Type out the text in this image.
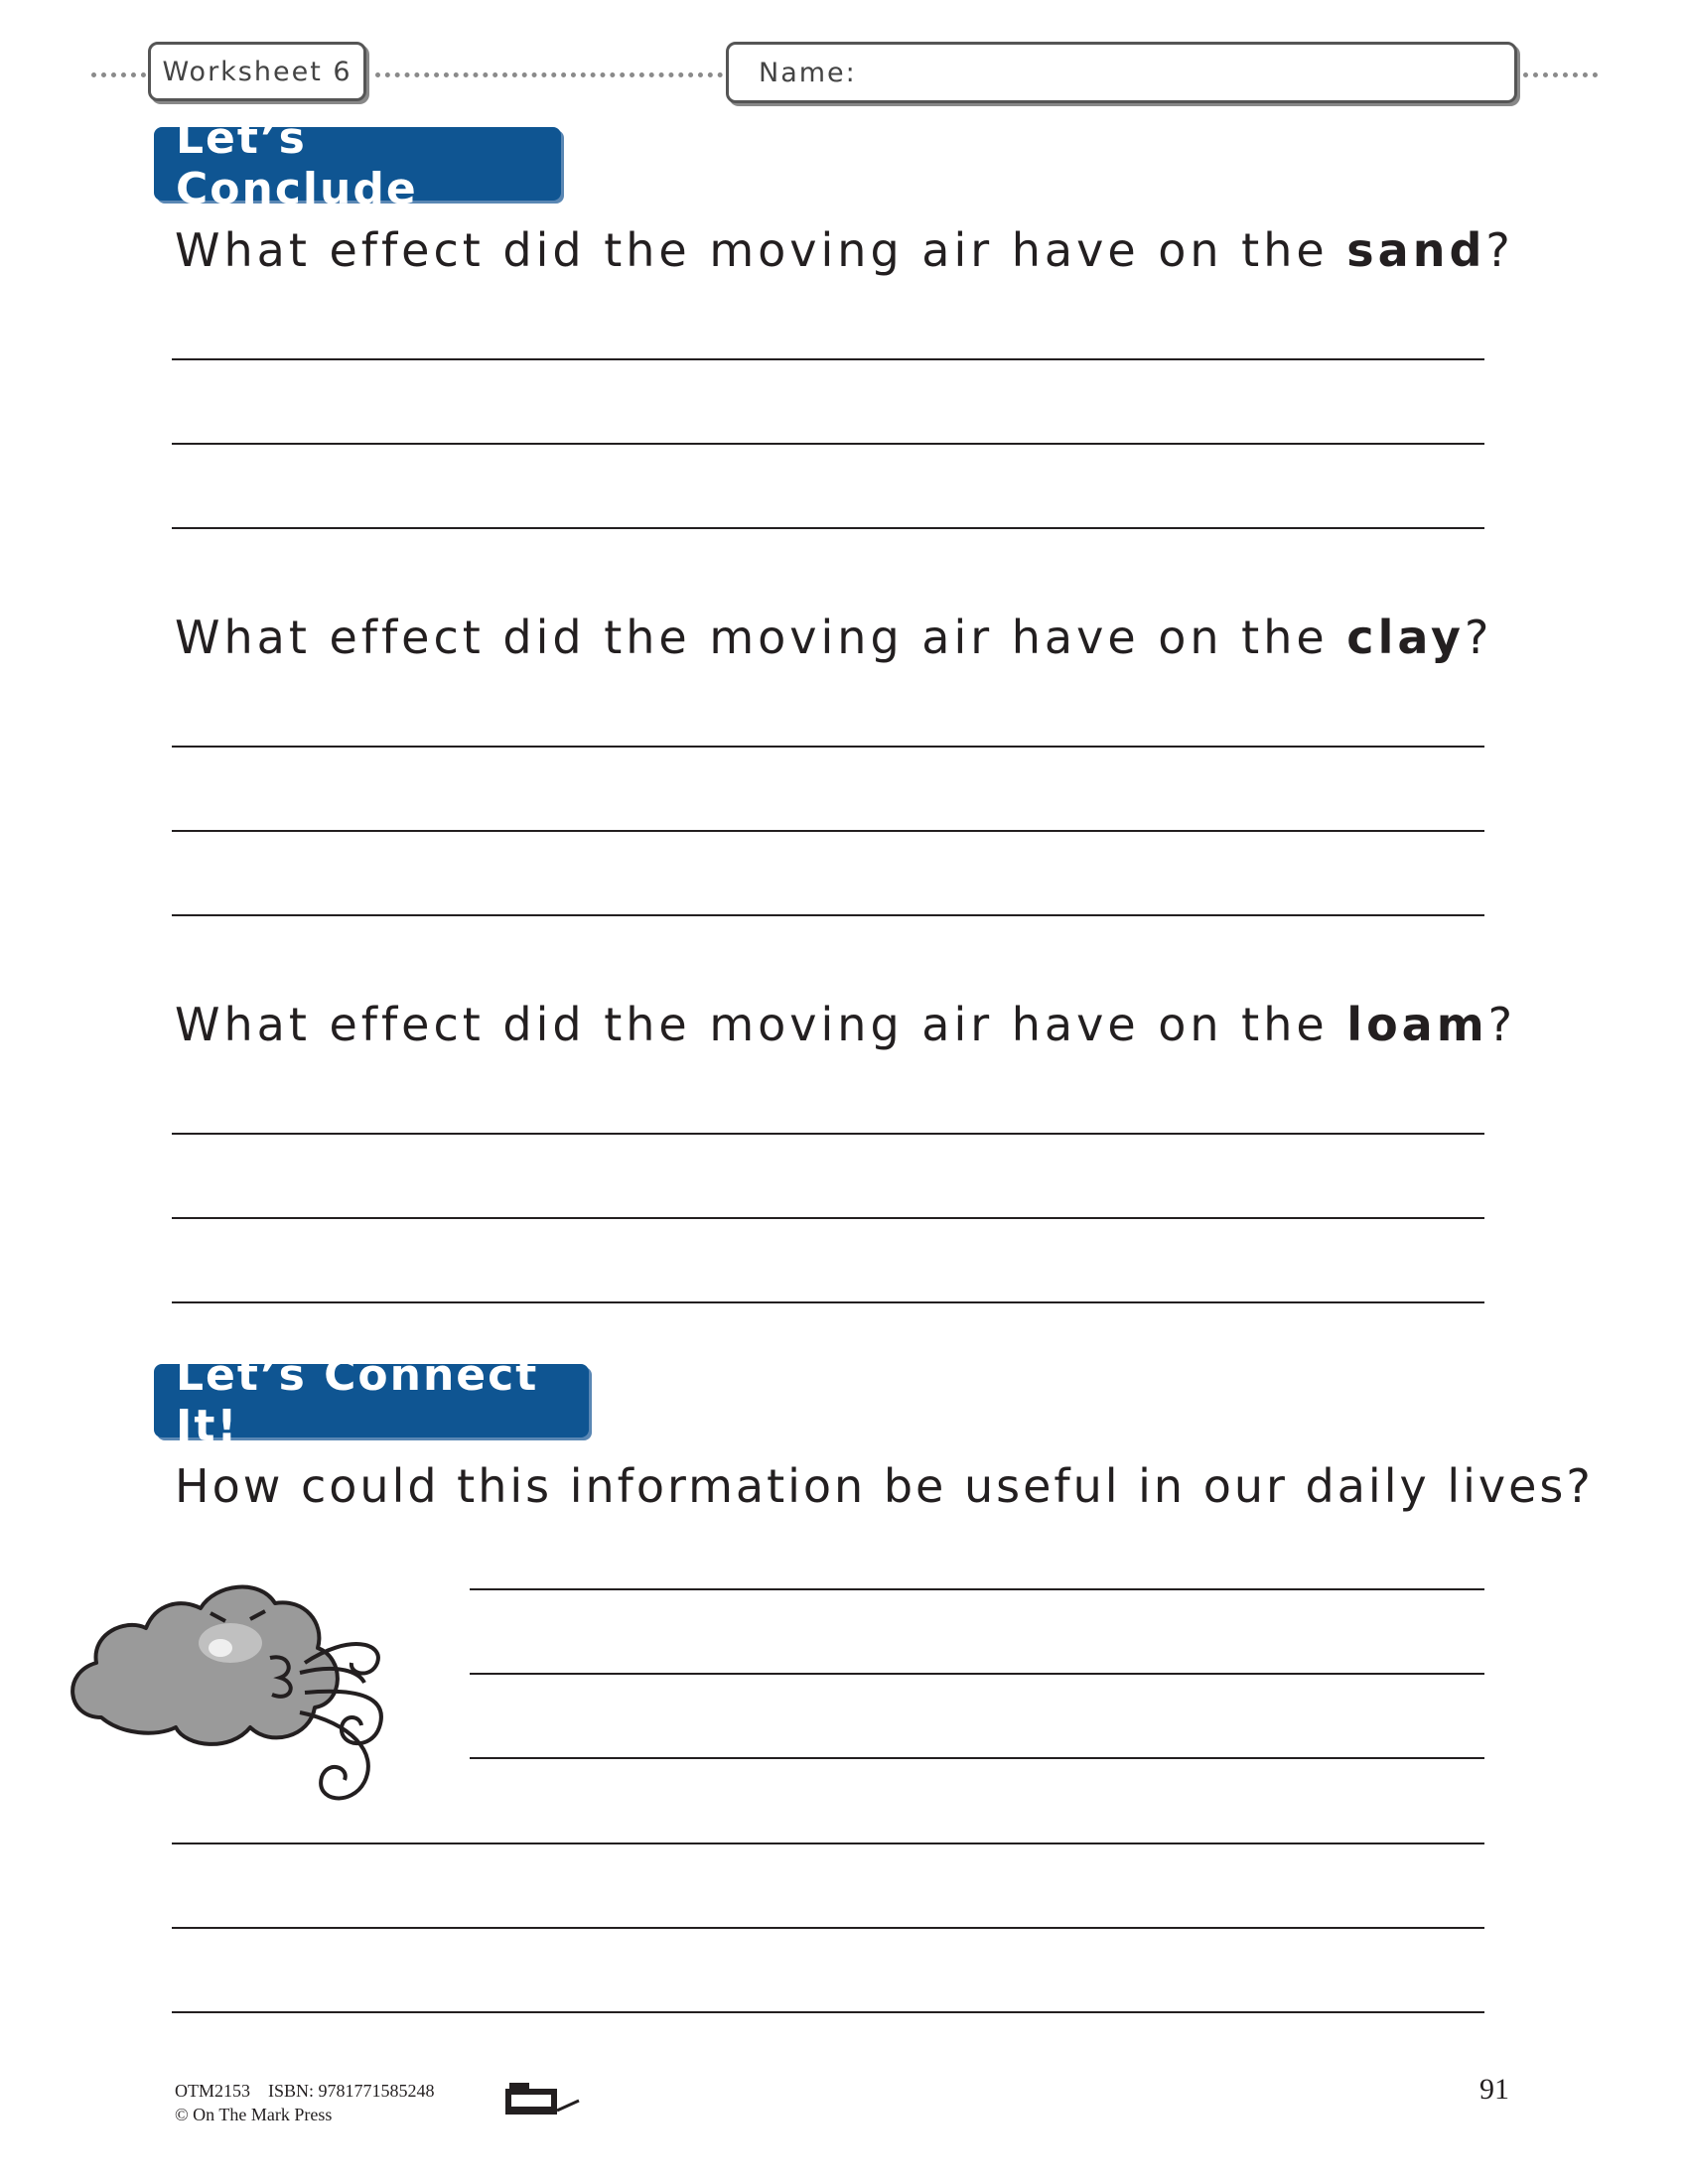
Worksheet 6	Name:
Let’s Conclude
What effect did the moving air have on the sand?
What effect did the moving air have on the clay?
What effect did the moving air have on the loam?
Let’s Connect It!
How could this information be useful in our daily lives?
OTM2153 ISBN: 9781771585248
© On The Mark Press
91
